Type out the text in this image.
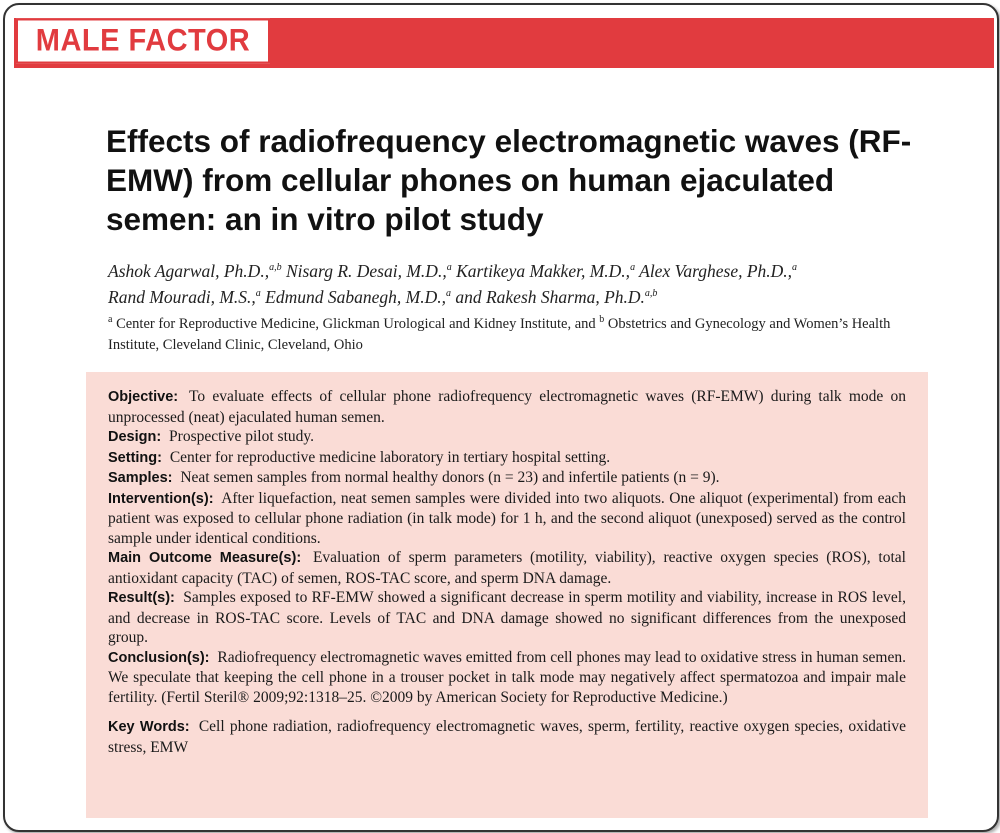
MALE FACTOR
Effects of radiofrequency electromagnetic waves (RF-EMW) from cellular phones on human ejaculated semen: an in vitro pilot study
Ashok Agarwal, Ph.D.,$^{a,b}$ Nisarg R. Desai, M.D.,$^a$ Kartikeya Makker, M.D.,$^a$ Alex Varghese, Ph.D.,$^a$
Rand Mouradi, M.S.,$^a$ Edmund Sabanegh, M.D.,$^a$ and Rakesh Sharma, Ph.D.$^{a,b}$
$^a$ Center for Reproductive Medicine, Glickman Urological and Kidney Institute, and $^b$ Obstetrics and Gynecology and Women’s Health Institute, Cleveland Clinic, Cleveland, Ohio

Objective: To evaluate effects of cellular phone radiofrequency electromagnetic waves (RF-EMW) during talk mode on unprocessed (neat) ejaculated human semen.

Design: Prospective pilot study.

Setting: Center for reproductive medicine laboratory in tertiary hospital setting.

Samples: Neat semen samples from normal healthy donors (n = 23) and infertile patients (n = 9).

Intervention(s): After liquefaction, neat semen samples were divided into two aliquots. One aliquot (experimental) from each patient was exposed to cellular phone radiation (in talk mode) for 1 h, and the second aliquot (unexposed) served as the control sample under identical conditions.

Main Outcome Measure(s): Evaluation of sperm parameters (motility, viability), reactive oxygen species (ROS), total antioxidant capacity (TAC) of semen, ROS-TAC score, and sperm DNA damage.

Result(s): Samples exposed to RF-EMW showed a significant decrease in sperm motility and viability, increase in ROS level, and decrease in ROS-TAC score. Levels of TAC and DNA damage showed no significant differences from the unexposed group.

Conclusion(s): Radiofrequency electromagnetic waves emitted from cell phones may lead to oxidative stress in human semen. We speculate that keeping the cell phone in a trouser pocket in talk mode may negatively affect spermatozoa and impair male fertility. (Fertil Steril® 2009;92:1318–25. ©2009 by American Society for Reproductive Medicine.)

Key Words: Cell phone radiation, radiofrequency electromagnetic waves, sperm, fertility, reactive oxygen species, oxidative stress, EMW
